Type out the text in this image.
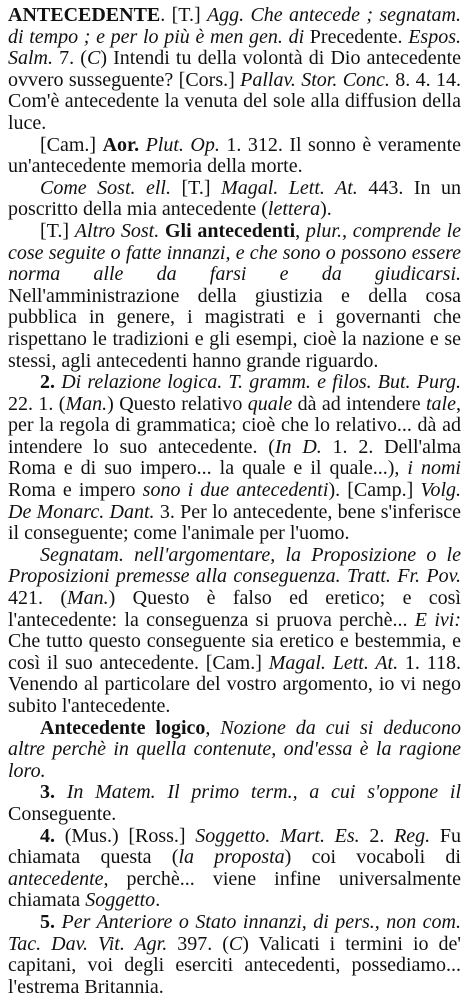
ANTECEDENTE. [T.] Agg. Che antecede ; segnatam. di tempo ; e per lo più è men gen. di Precedente. Espos. Salm. 7. (C) Intendi tu della volontà di Dio antecedente ovvero susseguente? [Cors.] Pallav. Stor. Conc. 8. 4. 14. Com'è antecedente la venuta del sole alla diffusion della luce.

[Cam.] Aor. Plut. Op. 1. 312. Il sonno è veramente un'antecedente memoria della morte.

Come Sost. ell. [T.] Magal. Lett. At. 443. In un poscritto della mia antecedente (lettera).

[T.] Altro Sost. Gli antecedenti, plur., comprende le cose seguite o fatte innanzi, e che sono o possono essere norma alle da farsi e da giudicarsi. Nell'amministrazione della giustizia e della cosa pubblica in genere, i magistrati e i governanti che rispettano le tradizioni e gli esempi, cioè la nazione e se stessi, agli antecedenti hanno grande riguardo.

2. Di relazione logica. T. gramm. e filos. But. Purg. 22. 1. (Man.) Questo relativo quale dà ad intendere tale, per la regola di grammatica; cioè che lo relativo... dà ad intendere lo suo antecedente. (In D. 1. 2. Dell'alma Roma e di suo impero... la quale e il quale...), i nomi Roma e impero sono i due antecedenti). [Camp.] Volg. De Monarc. Dant. 3. Per lo antecedente, bene s'inferisce il conseguente; come l'animale per l'uomo.

Segnatam. nell'argomentare, la Proposizione o le Proposizioni premesse alla conseguenza. Tratt. Fr. Pov. 421. (Man.) Questo è falso ed eretico; e così l'antecedente: la conseguenza si pruova perchè... E ivi: Che tutto questo conseguente sia eretico e bestemmia, e così il suo antecedente. [Cam.] Magal. Lett. At. 1. 118. Venendo al particolare del vostro argomento, io vi nego subito l'antecedente.

Antecedente logico, Nozione da cui si deducono altre perchè in quella contenute, ond'essa è la ragione loro.

3. In Matem. Il primo term., a cui s'oppone il Conseguente.

4. (Mus.) [Ross.] Soggetto. Mart. Es. 2. Reg. Fu chiamata questa (la proposta) coi vocaboli di antecedente, perchè... viene infine universalmente chiamata Soggetto.

5. Per Anteriore o Stato innanzi, di pers., non com. Tac. Dav. Vit. Agr. 397. (C) Valicati i termini io de' capitani, voi degli eserciti antecedenti, possediamo... l'estrema Britannia.
